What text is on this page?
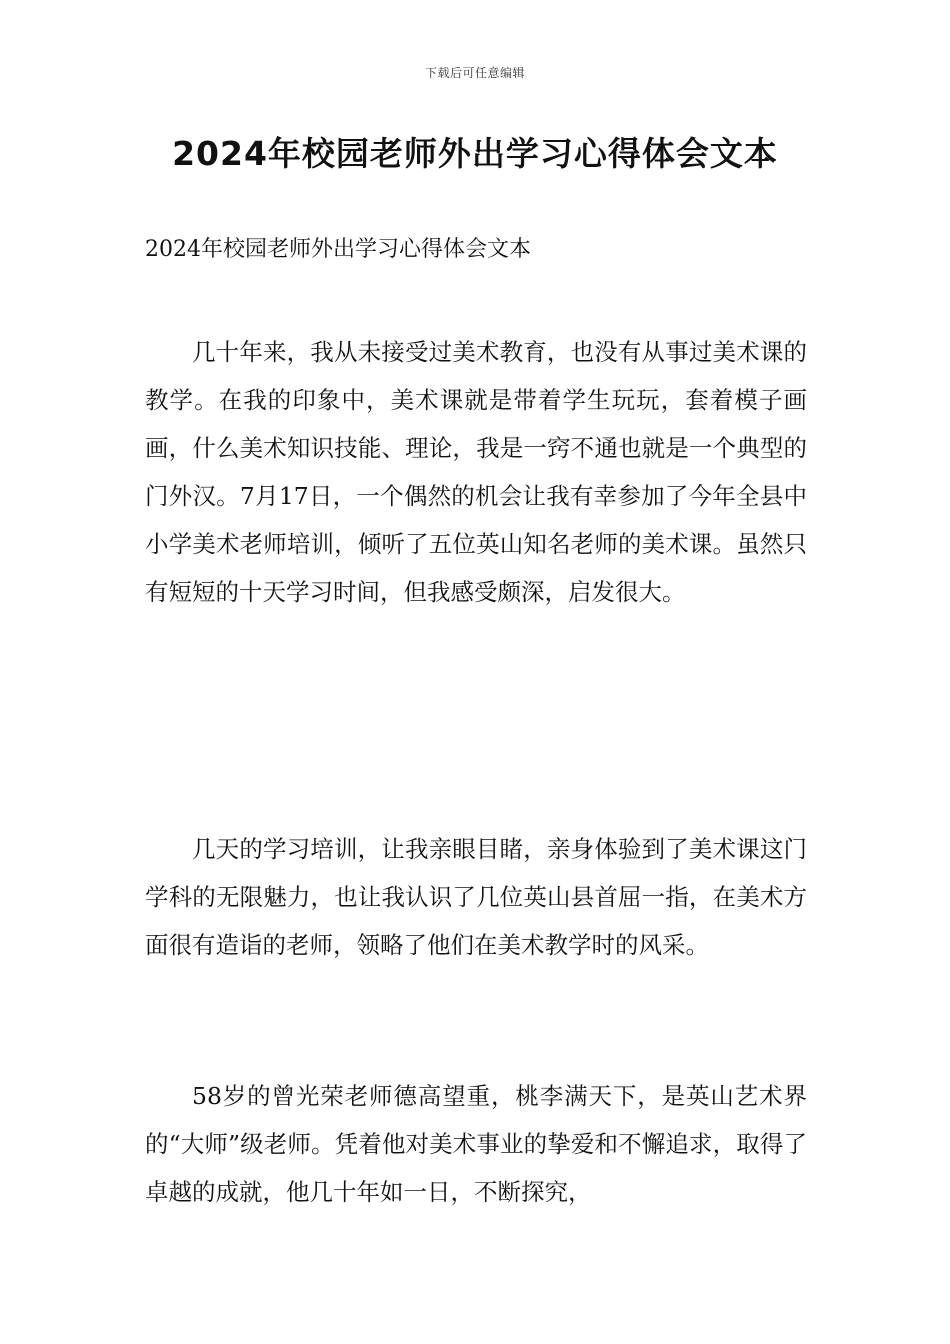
下载后可任意编辑
2024年校园老师外出学习心得体会文本

2024年校园老师外出学习心得体会文本

几十年来，我从未接受过美术教育，也没有从事过美术课的教学。在我的印象中，美术课就是带着学生玩玩，套着模子画画，什么美术知识技能、理论，我是一窍不通也就是一个典型的门外汉。7月17日，一个偶然的机会让我有幸参加了今年全县中小学美术老师培训，倾听了五位英山知名老师的美术课。虽然只有短短的十天学习时间，但我感受颇深，启发很大。

几天的学习培训，让我亲眼目睹，亲身体验到了美术课这门学科的无限魅力，也让我认识了几位英山县首屈一指，在美术方面很有造诣的老师，领略了他们在美术教学时的风采。

58岁的曾光荣老师德高望重，桃李满天下，是英山艺术界的“大师”级老师。凭着他对美术事业的挚爱和不懈追求，取得了卓越的成就，他几十年如一日，不断探究，
